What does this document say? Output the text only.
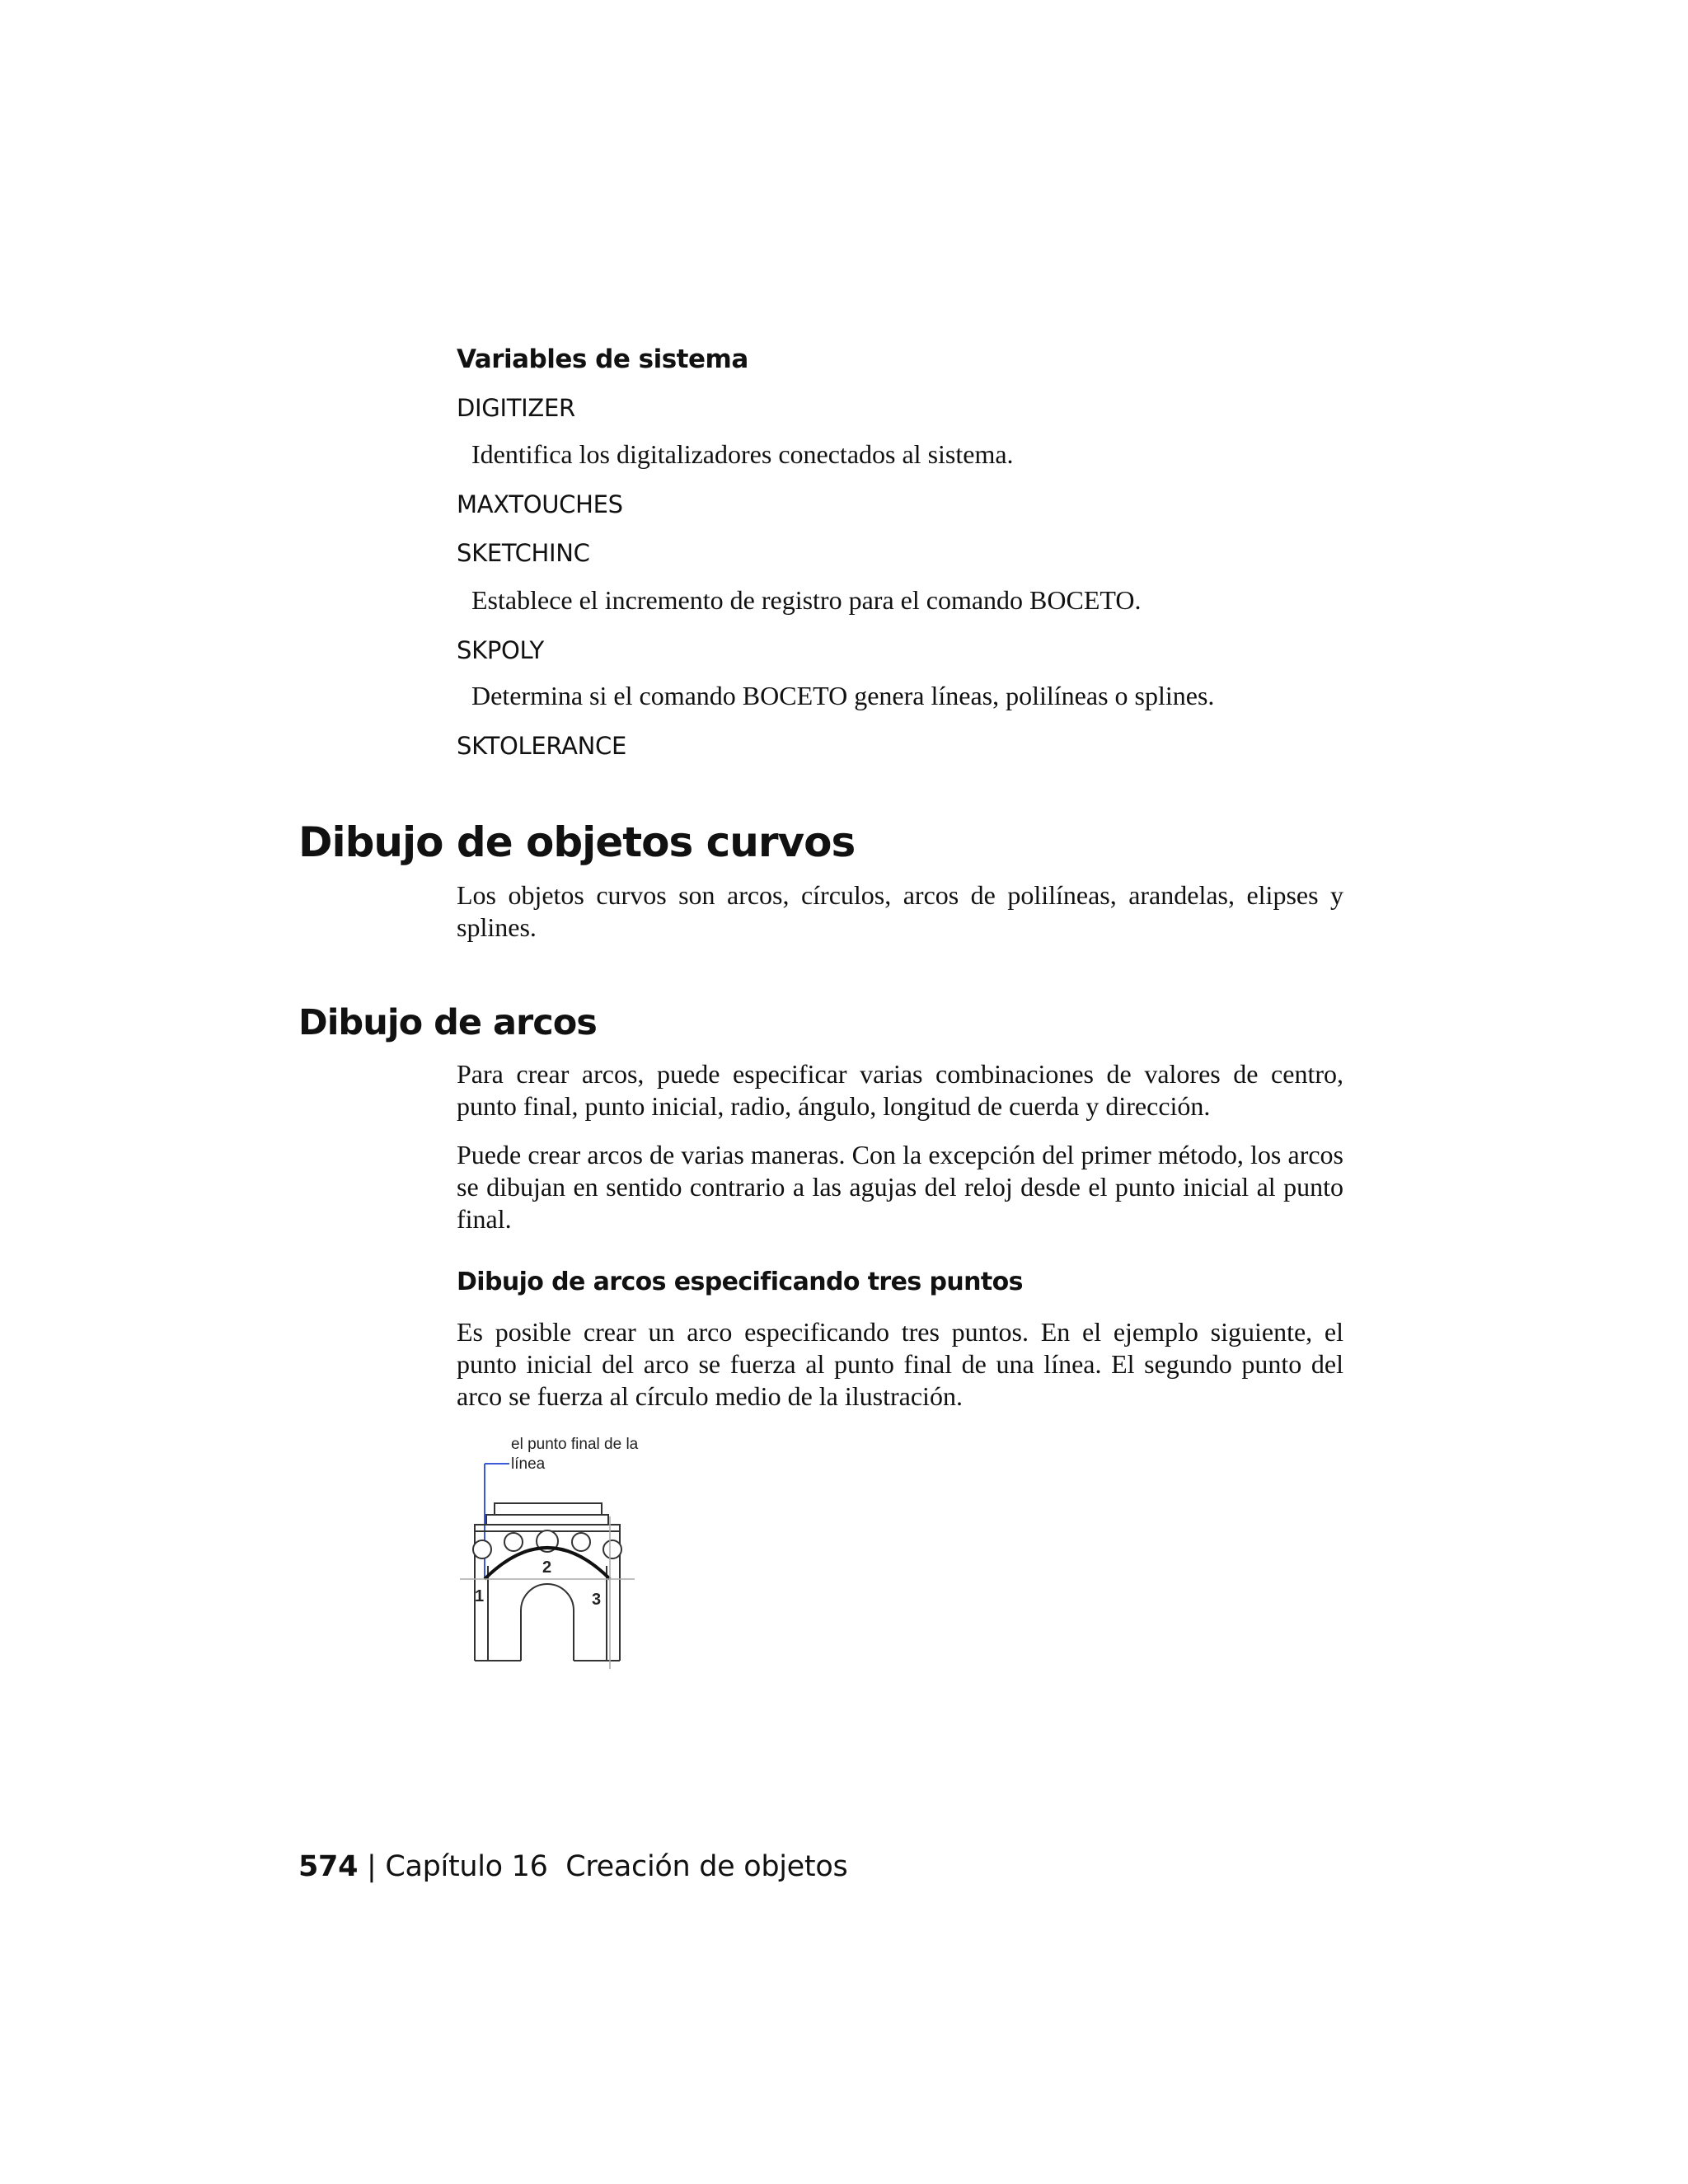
Variables de sistema

DIGITIZER

Identifica los digitalizadores conectados al sistema.

MAXTOUCHES

SKETCHINC

Establece el incremento de registro para el comando BOCETO.

SKPOLY

Determina si el comando BOCETO genera líneas, polilíneas o splines.

SKTOLERANCE

Dibujo de objetos curvos

Los objetos curvos son arcos, círculos, arcos de polilíneas, arandelas, elipses y splines.

Dibujo de arcos

Para crear arcos, puede especificar varias combinaciones de valores de centro, punto final, punto inicial, radio, ángulo, longitud de cuerda y dirección.

Puede crear arcos de varias maneras. Con la excepción del primer método, los arcos se dibujan en sentido contrario a las agujas del reloj desde el punto inicial al punto final.

Dibujo de arcos especificando tres puntos

Es posible crear un arco especificando tres puntos. En el ejemplo siguiente, el punto inicial del arco se fuerza al punto final de una línea. El segundo punto del arco se fuerza al círculo medio de la ilustración.

el punto final de la
línea
1
2
3

574 | Capítulo 16 Creación de objetos
